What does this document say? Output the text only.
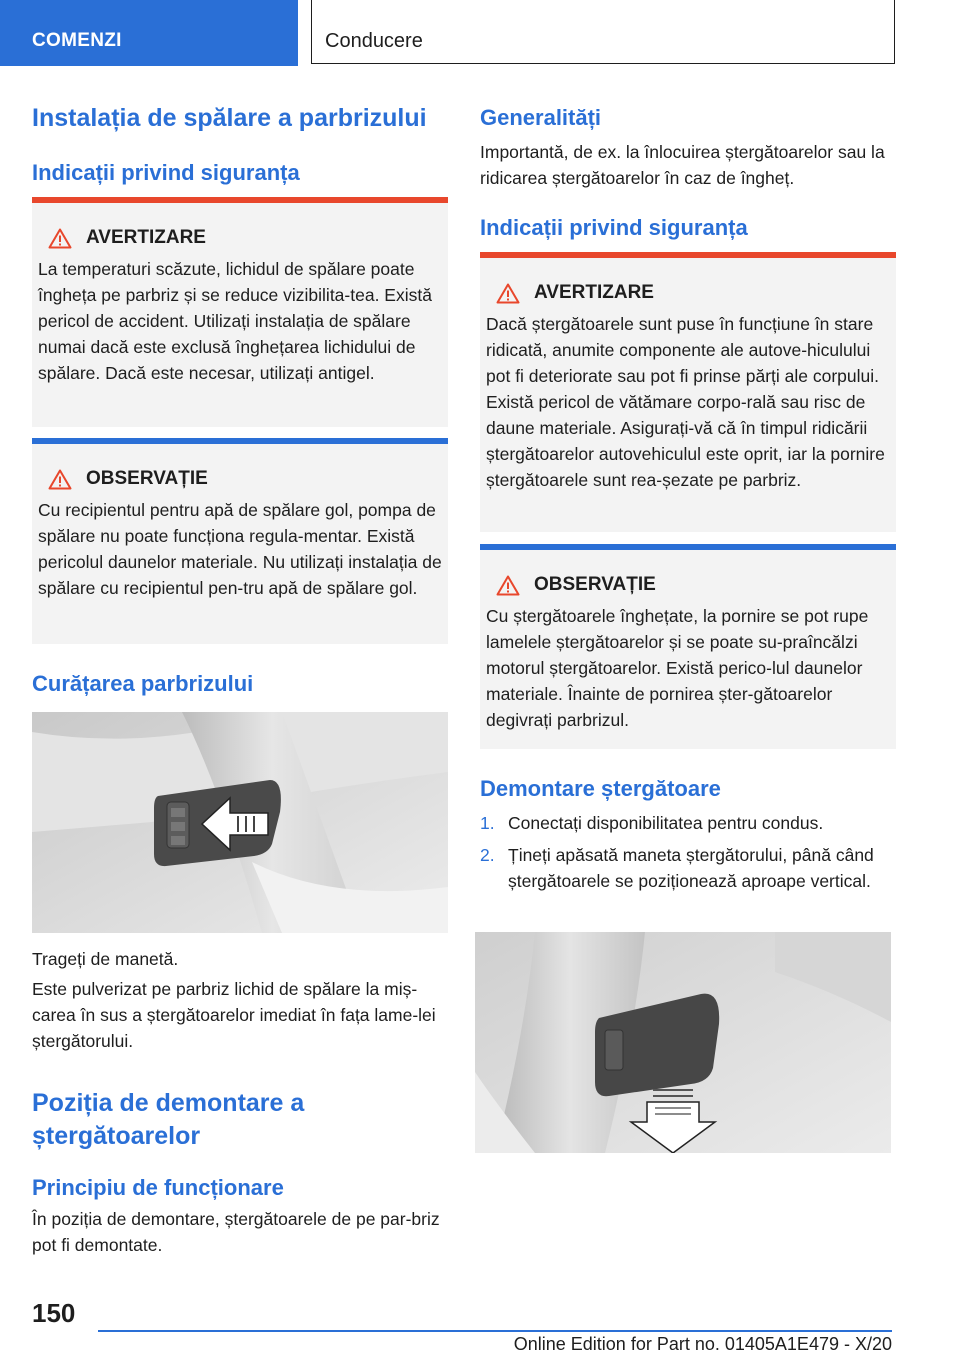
COMENZI	Conducere
Instalația de spălare a parbrizului
Indicații privind siguranța
AVERTIZARE
La temperaturi scăzute, lichidul de spălare poate îngheța pe parbriz și se reduce vizibilita-tea. Există pericol de accident. Utilizați instalația de spălare numai dacă este exclusă înghețarea lichidului de spălare. Dacă este necesar, utilizați antigel.
OBSERVAȚIE
Cu recipientul pentru apă de spălare gol, pompa de spălare nu poate funcționa regula-mentar. Există pericolul daunelor materiale. Nu utilizați instalația de spălare cu recipientul pen-tru apă de spălare gol.
Curățarea parbrizului

Trageți de manetă.

Este pulverizat pe parbriz lichid de spălare la miș-carea în sus a ștergătoarelor imediat în fața lame-lei ștergătorului.

Poziția de demontare a ștergătoarelor
Principiu de funcționare

În poziția de demontare, ștergătoarele de pe par-briz pot fi demontate.

Generalități

Importantă, de ex. la înlocuirea ștergătoarelor sau la ridicarea ștergătoarelor în caz de îngheț.

Indicații privind siguranța
AVERTIZARE
Dacă ștergătoarele sunt puse în funcțiune în stare ridicată, anumite componente ale autove-hiculului pot fi deteriorate sau pot fi prinse părți ale corpului. Există pericol de vătămare corpo-rală sau risc de daune materiale. Asigurați-vă că în timpul ridicării ștergătoarelor autovehiculul este oprit, iar la pornire ștergătoarele sunt rea-șezate pe parbriz.
OBSERVAȚIE
Cu ștergătoarele înghețate, la pornire se pot rupe lamelele ștergătoarelor și se poate su-praîncălzi motorul ștergătoarelor. Există perico-lul daunelor materiale. Înainte de pornirea șter-gătoarelor degivrați parbrizul.
Demontare ștergătoare
1. Conectați disponibilitatea pentru condus.
2. Țineți apăsată maneta ștergătorului, până când ștergătoarele se poziționează aproape vertical.
150
Online Edition for Part no. 01405A1E479 - X/20
